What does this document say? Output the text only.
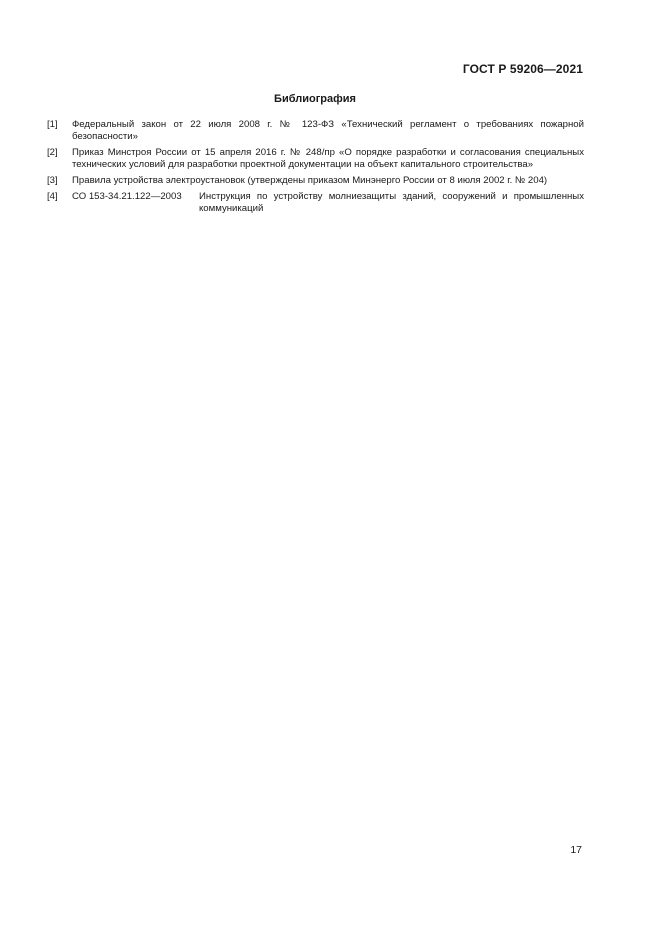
ГОСТ Р 59206—2021
Библиография
[1]	Федеральный закон от 22 июля 2008 г. № 123-ФЗ «Технический регламент о требованиях пожарной безопасности»
[2]	Приказ Минстроя России от 15 апреля 2016 г. № 248/пр «О порядке разработки и согласования специальных технических условий для разработки проектной документации на объект капитального строительства»
[3]	Правила устройства электроустановок (утверждены приказом Минэнерго России от 8 июля 2002 г. № 204)
[4]	СО 153-34.21.122—2003	Инструкция по устройству молниезащиты зданий, сооружений и промышленных коммуникаций
17
